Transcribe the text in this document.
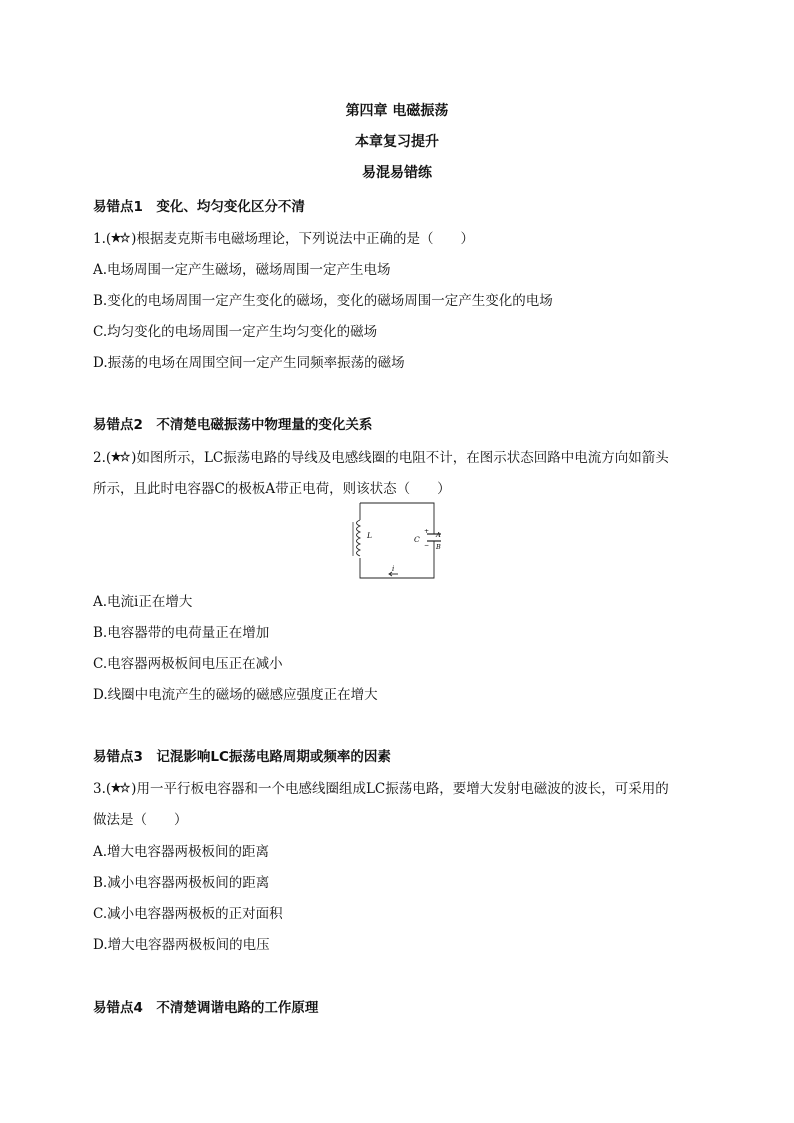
第四章 电磁振荡
本章复习提升
易混易错练
易错点1　变化、均匀变化区分不清
1.( )根据麦克斯韦电磁场理论，下列说法中正确的是（　　）
A.电场周围一定产生磁场，磁场周围一定产生电场
B.变化的电场周围一定产生变化的磁场，变化的磁场周围一定产生变化的电场
C.均匀变化的电场周围一定产生均匀变化的磁场
D.振荡的电场在周围空间一定产生同频率振荡的磁场
易错点2　不清楚电磁振荡中物理量的变化关系
2.( )如图所示，LC振荡电路的导线及电感线圈的电阻不计，在图示状态回路中电流方向如箭头
所示，且此时电容器C的极板A带正电荷，则该状态（　　）
L	C
+
−
A
B
i
A.电流i正在增大
B.电容器带的电荷量正在增加
C.电容器两极板间电压正在减小
D.线圈中电流产生的磁场的磁感应强度正在增大
易错点3　记混影响LC振荡电路周期或频率的因素
3.( )用一平行板电容器和一个电感线圈组成LC振荡电路，要增大发射电磁波的波长，可采用的
做法是（　　）
A.增大电容器两极板间的距离
B.减小电容器两极板间的距离
C.减小电容器两极板的正对面积
D.增大电容器两极板间的电压
易错点4　不清楚调谐电路的工作原理
